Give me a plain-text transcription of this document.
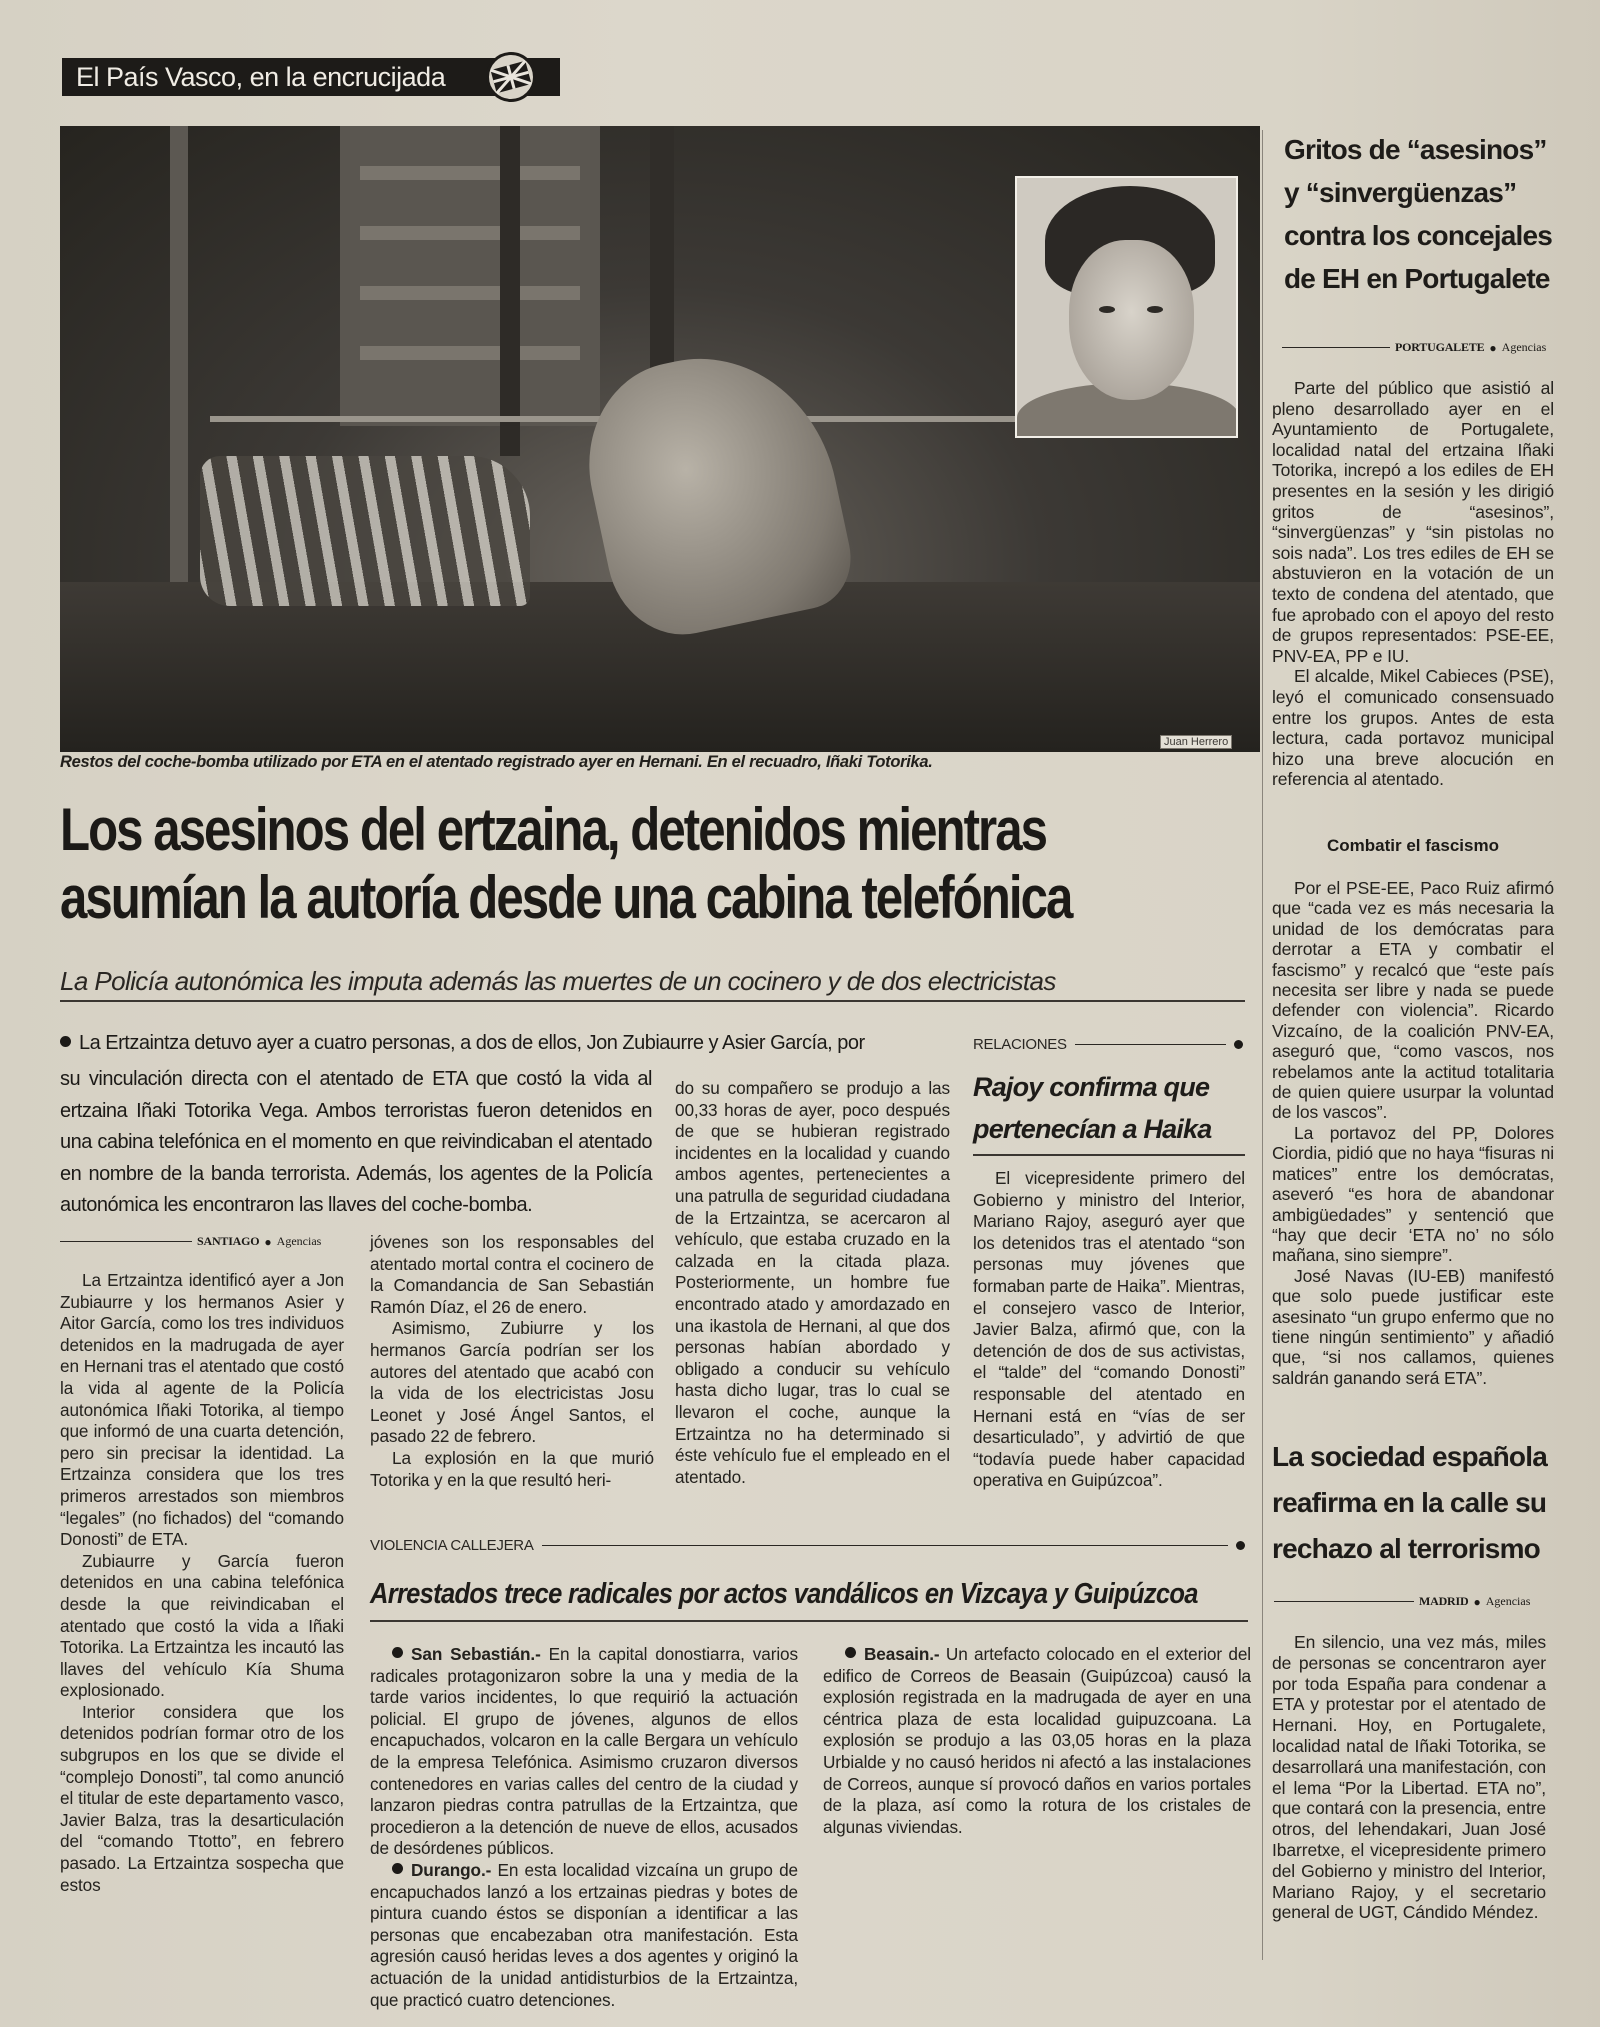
El País Vasco, en la encrucijada
Juan Herrero
Restos del coche-bomba utilizado por ETA en el atentado registrado ayer en Hernani. En el recuadro, Iñaki Totorika.
Los asesinos del ertzaina, detenidos mientras
asumían la autoría desde una cabina telefónica
La Policía autonómica les imputa además las muertes de un cocinero y de dos electricistas
La Ertzaintza detuvo ayer a cuatro personas, a dos de ellos, Jon Zubiaurre y Asier García, por
su vinculación directa con el atentado de ETA que costó la vida al ertzaina Iñaki Totorika Vega. Ambos terroristas fueron detenidos en una cabina telefónica en el momento en que reivindicaban el atentado en nombre de la banda terrorista. Además, los agentes de la Policía autonómica les encontraron las llaves del coche-bomba.
SANTIAGO ● Agencias

La Ertzaintza identificó ayer a Jon Zubiaurre y los hermanos Asier y Aitor García, como los tres individuos detenidos en la madrugada de ayer en Hernani tras el atentado que costó la vida al agente de la Policía autonómica Iñaki Totorika, al tiempo que informó de una cuarta detención, pero sin precisar la identidad. La Ertzainza considera que los tres primeros arrestados son miembros “legales” (no fichados) del “comando Donosti” de ETA.

Zubiaurre y García fueron detenidos en una cabina telefónica desde la que reivindicaban el atentado que costó la vida a Iñaki Totorika. La Ertzaintza les incautó las llaves del vehículo Kía Shuma explosionado.

Interior considera que los detenidos podrían formar otro de los subgrupos en los que se divide el “complejo Donosti”, tal como anunció el titular de este departamento vasco, Javier Balza, tras la desarticulación del “comando Ttotto”, en febrero pasado. La Ertzaintza sospecha que estos

jóvenes son los responsables del atentado mortal contra el cocinero de la Comandancia de San Sebastián Ramón Díaz, el 26 de enero.

Asimismo, Zubiurre y los hermanos García podrían ser los autores del atentado que acabó con la vida de los electricistas Josu Leonet y José Ángel Santos, el pasado 22 de febrero.

La explosión en la que murió Totorika y en la que resultó heri-

do su compañero se produjo a las 00,33 horas de ayer, poco después de que se hubieran registrado incidentes en la localidad y cuando ambos agentes, pertenecientes a una patrulla de seguridad ciudadana de la Ertzaintza, se acercaron al vehículo, que estaba cruzado en la calzada en la citada plaza. Posteriormente, un hombre fue encontrado atado y amordazado en una ikastola de Hernani, al que dos personas habían abordado y obligado a conducir su vehículo hasta dicho lugar, tras lo cual se llevaron el coche, aunque la Ertzaintza no ha determinado si éste vehículo fue el empleado en el atentado.

RELACIONES
Rajoy confirma que pertenecían a Haika

El vicepresidente primero del Gobierno y ministro del Interior, Mariano Rajoy, aseguró ayer que los detenidos tras el atentado “son personas muy jóvenes que formaban parte de Haika”. Mientras, el consejero vasco de Interior, Javier Balza, afirmó que, con la detención de dos de sus activistas, el “talde” del “comando Donosti” responsable del atentado en Hernani está en “vías de ser desarticulado”, y advirtió de que “todavía puede haber capacidad operativa en Guipúzcoa”.

VIOLENCIA CALLEJERA
Arrestados trece radicales por actos vandálicos en Vizcaya y Guipúzcoa

San Sebastián.- En la capital donostiarra, varios radicales protagonizaron sobre la una y media de la tarde varios incidentes, lo que requirió la actuación policial. El grupo de jóvenes, algunos de ellos encapuchados, volcaron en la calle Bergara un vehículo de la empresa Telefónica. Asimismo cruzaron diversos contenedores en varias calles del centro de la ciudad y lanzaron piedras contra patrullas de la Ertzaintza, que procedieron a la detención de nueve de ellos, acusados de desórdenes públicos.

Durango.- En esta localidad vizcaína un grupo de encapuchados lanzó a los ertzainas piedras y botes de pintura cuando éstos se disponían a identificar a las personas que encabezaban otra manifestación. Esta agresión causó heridas leves a dos agentes y originó la actuación de la unidad antidisturbios de la Ertzaintza, que practicó cuatro detenciones.

Beasain.- Un artefacto colocado en el exterior del edifico de Correos de Beasain (Guipúzcoa) causó la explosión registrada en la madrugada de ayer en una céntrica plaza de esta localidad guipuzcoana. La explosión se produjo a las 03,05 horas en la plaza Urbialde y no causó heridos ni afectó a las instalaciones de Correos, aunque sí provocó daños en varios portales de la plaza, así como la rotura de los cristales de algunas viviendas.

Gritos de “asesinos” y “sinvergüenzas” contra los concejales de EH en Portugalete
PORTUGALETE ● Agencias

Parte del público que asistió al pleno desarrollado ayer en el Ayuntamiento de Portugalete, localidad natal del ertzaina Iñaki Totorika, increpó a los ediles de EH presentes en la sesión y les dirigió gritos de “asesinos”, “sinvergüenzas” y “sin pistolas no sois nada”. Los tres ediles de EH se abstuvieron en la votación de un texto de condena del atentado, que fue aprobado con el apoyo del resto de grupos representados: PSE-EE, PNV-EA, PP e IU.

El alcalde, Mikel Cabieces (PSE), leyó el comunicado consensuado entre los grupos. Antes de esta lectura, cada portavoz municipal hizo una breve alocución en referencia al atentado.

Combatir el fascismo

Por el PSE-EE, Paco Ruiz afirmó que “cada vez es más necesaria la unidad de los demócratas para derrotar a ETA y combatir el fascismo” y recalcó que “este país necesita ser libre y nada se puede defender con violencia”. Ricardo Vizcaíno, de la coalición PNV-EA, aseguró que, “como vascos, nos rebelamos ante la actitud totalitaria de quien quiere usurpar la voluntad de los vascos”.

La portavoz del PP, Dolores Ciordia, pidió que no haya “fisuras ni matices” entre los demócratas, aseveró “es hora de abandonar ambigüedades” y sentenció que “hay que decir ‘ETA no’ no sólo mañana, sino siempre”.

José Navas (IU-EB) manifestó que solo puede justificar este asesinato “un grupo enfermo que no tiene ningún sentimiento” y añadió que, “si nos callamos, quienes saldrán ganando será ETA”.

La sociedad española reafirma en la calle su rechazo al terrorismo
MADRID ● Agencias

En silencio, una vez más, miles de personas se concentraron ayer por toda España para condenar a ETA y protestar por el atentado de Hernani. Hoy, en Portugalete, localidad natal de Iñaki Totorika, se desarrollará una manifestación, con el lema “Por la Libertad. ETA no”, que contará con la presencia, entre otros, del lehendakari, Juan José Ibarretxe, el vicepresidente primero del Gobierno y ministro del Interior, Mariano Rajoy, y el secretario general de UGT, Cándido Méndez.
